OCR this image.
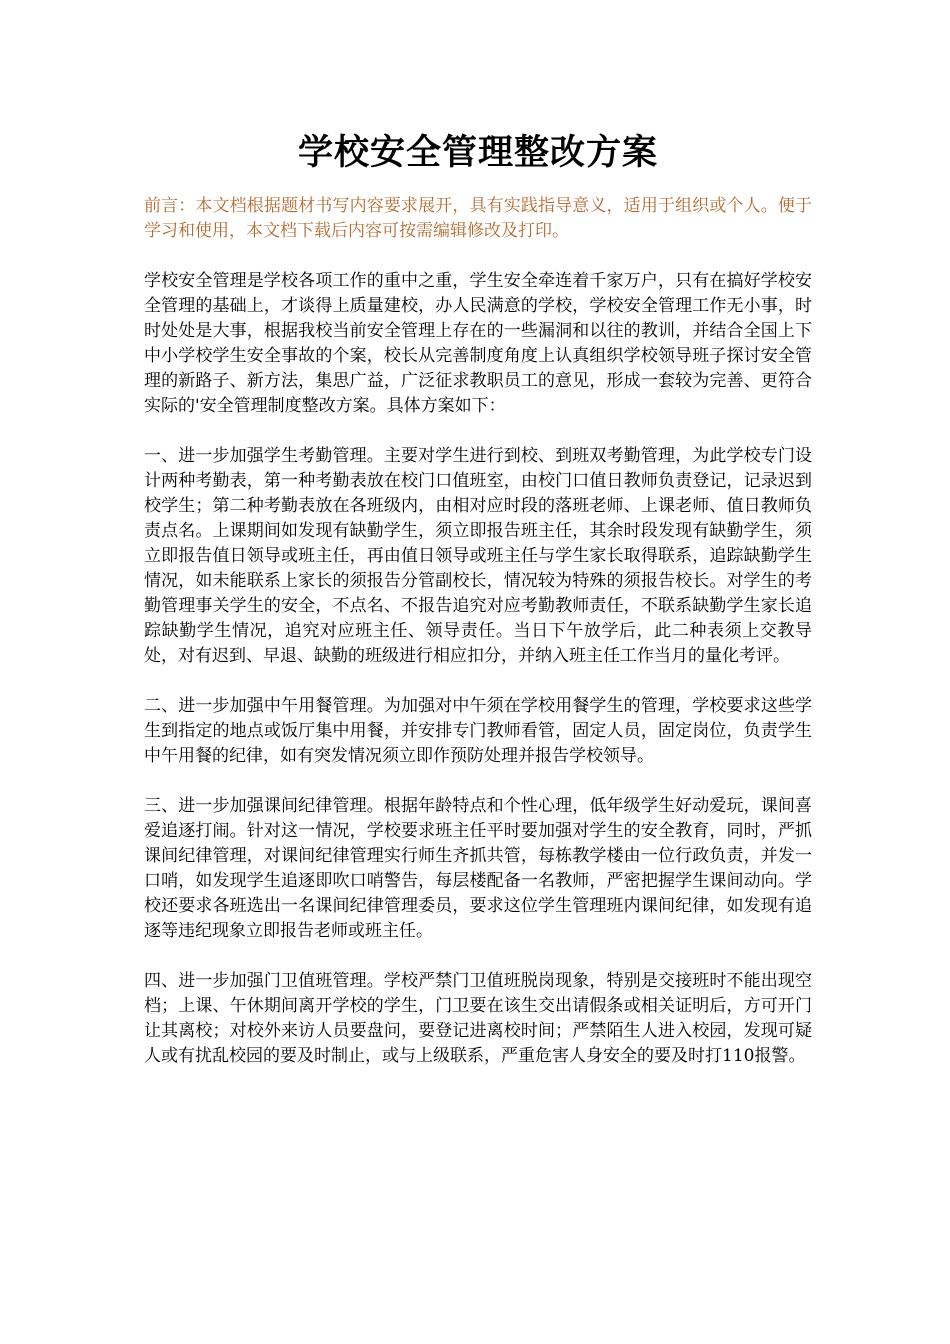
学校安全管理整改方案

前言：本文档根据题材书写内容要求展开，具有实践指导意义，适用于组织或个人。便于学习和使用，本文档下载后内容可按需编辑修改及打印。

学校安全管理是学校各项工作的重中之重，学生安全牵连着千家万户，只有在搞好学校安全管理的基础上，才谈得上质量建校，办人民满意的学校，学校安全管理工作无小事，时时处处是大事，根据我校当前安全管理上存在的一些漏洞和以往的教训，并结合全国上下中小学校学生安全事故的个案，校长从完善制度角度上认真组织学校领导班子探讨安全管理的新路子、新方法，集思广益，广泛征求教职员工的意见，形成一套较为完善、更符合实际的'安全管理制度整改方案。具体方案如下：

一、进一步加强学生考勤管理。主要对学生进行到校、到班双考勤管理，为此学校专门设计两种考勤表，第一种考勤表放在校门口值班室，由校门口值日教师负责登记，记录迟到校学生；第二种考勤表放在各班级内，由相对应时段的落班老师、上课老师、值日教师负责点名。上课期间如发现有缺勤学生，须立即报告班主任，其余时段发现有缺勤学生，须立即报告值日领导或班主任，再由值日领导或班主任与学生家长取得联系，追踪缺勤学生情况，如未能联系上家长的须报告分管副校长，情况较为特殊的须报告校长。对学生的考勤管理事关学生的安全，不点名、不报告追究对应考勤教师责任，不联系缺勤学生家长追踪缺勤学生情况，追究对应班主任、领导责任。当日下午放学后，此二种表须上交教导处，对有迟到、早退、缺勤的班级进行相应扣分，并纳入班主任工作当月的量化考评。

二、进一步加强中午用餐管理。为加强对中午须在学校用餐学生的管理，学校要求这些学生到指定的地点或饭厅集中用餐，并安排专门教师看管，固定人员，固定岗位，负责学生中午用餐的纪律，如有突发情况须立即作预防处理并报告学校领导。

三、进一步加强课间纪律管理。根据年龄特点和个性心理，低年级学生好动爱玩，课间喜爱追逐打闹。针对这一情况，学校要求班主任平时要加强对学生的安全教育，同时，严抓课间纪律管理，对课间纪律管理实行师生齐抓共管，每栋教学楼由一位行政负责，并发一口哨，如发现学生追逐即吹口哨警告，每层楼配备一名教师，严密把握学生课间动向。学校还要求各班选出一名课间纪律管理委员，要求这位学生管理班内课间纪律，如发现有追逐等违纪现象立即报告老师或班主任。

四、进一步加强门卫值班管理。学校严禁门卫值班脱岗现象，特别是交接班时不能出现空档；上课、午休期间离开学校的学生，门卫要在该生交出请假条或相关证明后，方可开门让其离校；对校外来访人员要盘问，要登记进离校时间；严禁陌生人进入校园，发现可疑人或有扰乱校园的要及时制止，或与上级联系，严重危害人身安全的要及时打110报警。
